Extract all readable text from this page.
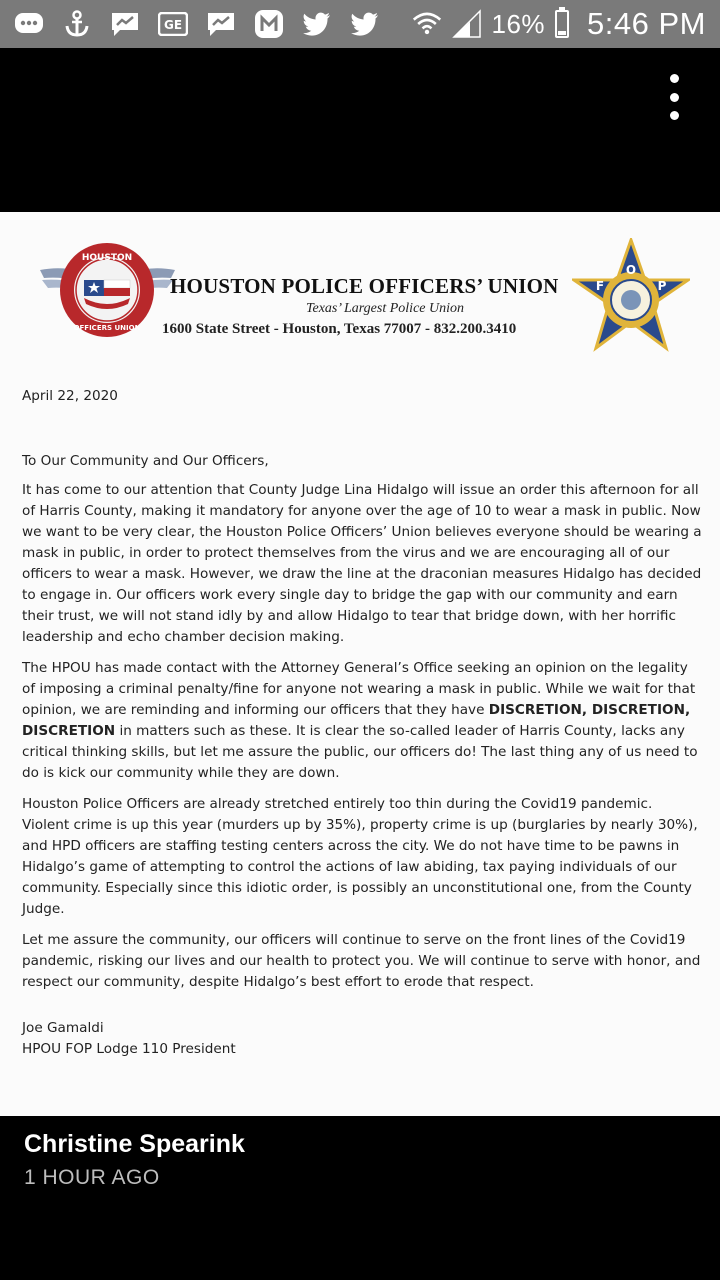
GE	16% 5:46 PM
HOUSTON
OFFICERS UNION
HOUSTON POLICE OFFICERS’ UNION
Texas’ Largest Police Union
1600 State Street - Houston, Texas 77007 - 832.200.3410
O
F	P

April 22, 2020

To Our Community and Our Officers,

It has come to our attention that County Judge Lina Hidalgo will issue an order this afternoon for all of Harris County, making it mandatory for anyone over the age of 10 to wear a mask in public. Now we want to be very clear, the Houston Police Officers’ Union believes everyone should be wearing a mask in public, in order to protect themselves from the virus and we are encouraging all of our officers to wear a mask. However, we draw the line at the draconian measures Hidalgo has decided to engage in. Our officers work every single day to bridge the gap with our community and earn their trust, we will not stand idly by and allow Hidalgo to tear that bridge down, with her horrific leadership and echo chamber decision making.

The HPOU has made contact with the Attorney General’s Office seeking an opinion on the legality of imposing a criminal penalty/fine for anyone not wearing a mask in public. While we wait for that opinion, we are reminding and informing our officers that they have DISCRETION, DISCRETION, DISCRETION in matters such as these. It is clear the so-called leader of Harris County, lacks any critical thinking skills, but let me assure the public, our officers do! The last thing any of us need to do is kick our community while they are down.

Houston Police Officers are already stretched entirely too thin during the Covid19 pandemic. Violent crime is up this year (murders up by 35%), property crime is up (burglaries by nearly 30%), and HPD officers are staffing testing centers across the city. We do not have time to be pawns in Hidalgo’s game of attempting to control the actions of law abiding, tax paying individuals of our community. Especially since this idiotic order, is possibly an unconstitutional one, from the County Judge.

Let me assure the community, our officers will continue to serve on the front lines of the Covid19 pandemic, risking our lives and our health to protect you. We will continue to serve with honor, and respect our community, despite Hidalgo’s best effort to erode that respect.

Joe Gamaldi
HPOU FOP Lodge 110 President
Christine Spearink
1 HOUR AGO
